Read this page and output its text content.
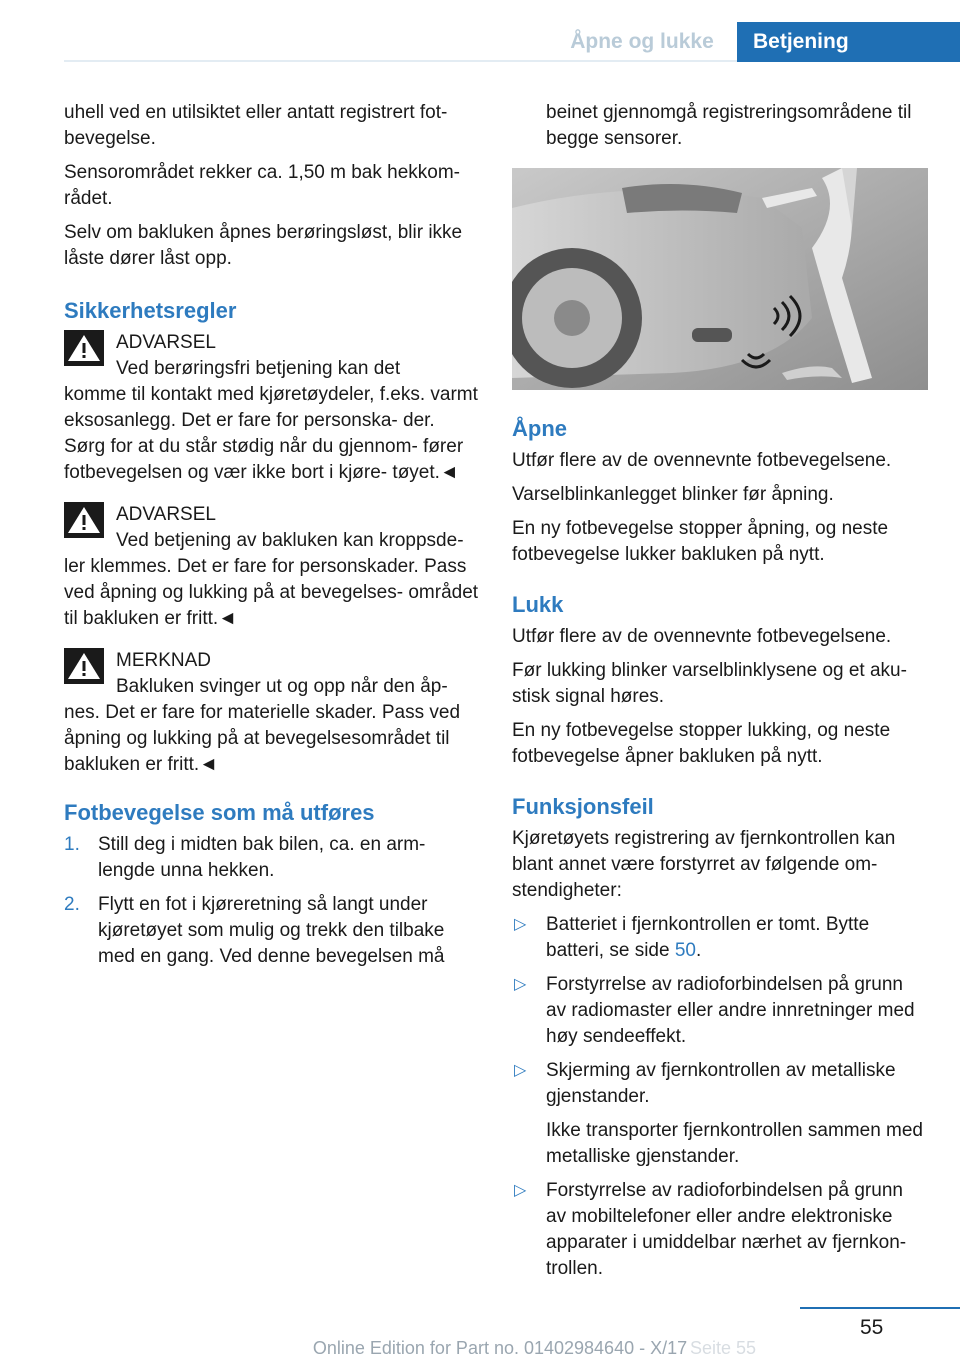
Åpne og lukke	Betjening

uhell ved en utilsiktet eller antatt registrert fot- bevegelse.

Sensorområdet rekker ca. 1,50 m bak hekkom- rådet.

Selv om bakluken åpnes berøringsløst, blir ikke låste dører låst opp.

Sikkerhetsregler
ADVARSEL
Ved berøringsfri betjening kan det
komme til kontakt med kjøretøydeler, f.eks. varmt eksosanlegg. Det er fare for personska- der. Sørg for at du står stødig når du gjennom- fører fotbevegelsen og vær ikke bort i kjøre- tøyet.◄
ADVARSEL
Ved betjening av bakluken kan kroppsde-
ler klemmes. Det er fare for personskader. Pass ved åpning og lukking på at bevegelses- området til bakluken er fritt.◄
MERKNAD
Bakluken svinger ut og opp når den åp-
nes. Det er fare for materielle skader. Pass ved åpning og lukking på at bevegelsesområdet til bakluken er fritt.◄
Fotbevegelse som må utføres
1. Still deg i midten bak bilen, ca. en arm- lengde unna hekken.
2. Flytt en fot i kjøreretning så langt under kjøretøyet som mulig og trekk den tilbake med en gang. Ved denne bevegelsen må

beinet gjennomgå registreringsområdene til begge sensorer.

Åpne

Utfør flere av de ovennevnte fotbevegelsene.

Varselblinkanlegget blinker før åpning.

En ny fotbevegelse stopper åpning, og neste fotbevegelse lukker bakluken på nytt.

Lukk

Utfør flere av de ovennevnte fotbevegelsene.

Før lukking blinker varselblinklysene og et aku- stisk signal høres.

En ny fotbevegelse stopper lukking, og neste fotbevegelse åpner bakluken på nytt.

Funksjonsfeil

Kjøretøyets registrering av fjernkontrollen kan blant annet være forstyrret av følgende om- stendigheter:

▷ Batteriet i fjernkontrollen er tomt. Bytte batteri, se side 50.
▷ Forstyrrelse av radioforbindelsen på grunn av radiomaster eller andre innretninger med høy sendeeffekt.
▷ Skjerming av fjernkontrollen av metalliske gjenstander.
Ikke transporter fjernkontrollen sammen med metalliske gjenstander.
▷ Forstyrrelse av radioforbindelsen på grunn av mobiltelefoner eller andre elektroniske apparater i umiddelbar nærhet av fjernkon- trollen.
55
Seite 55
Online Edition for Part no. 01402984640 - X/17
